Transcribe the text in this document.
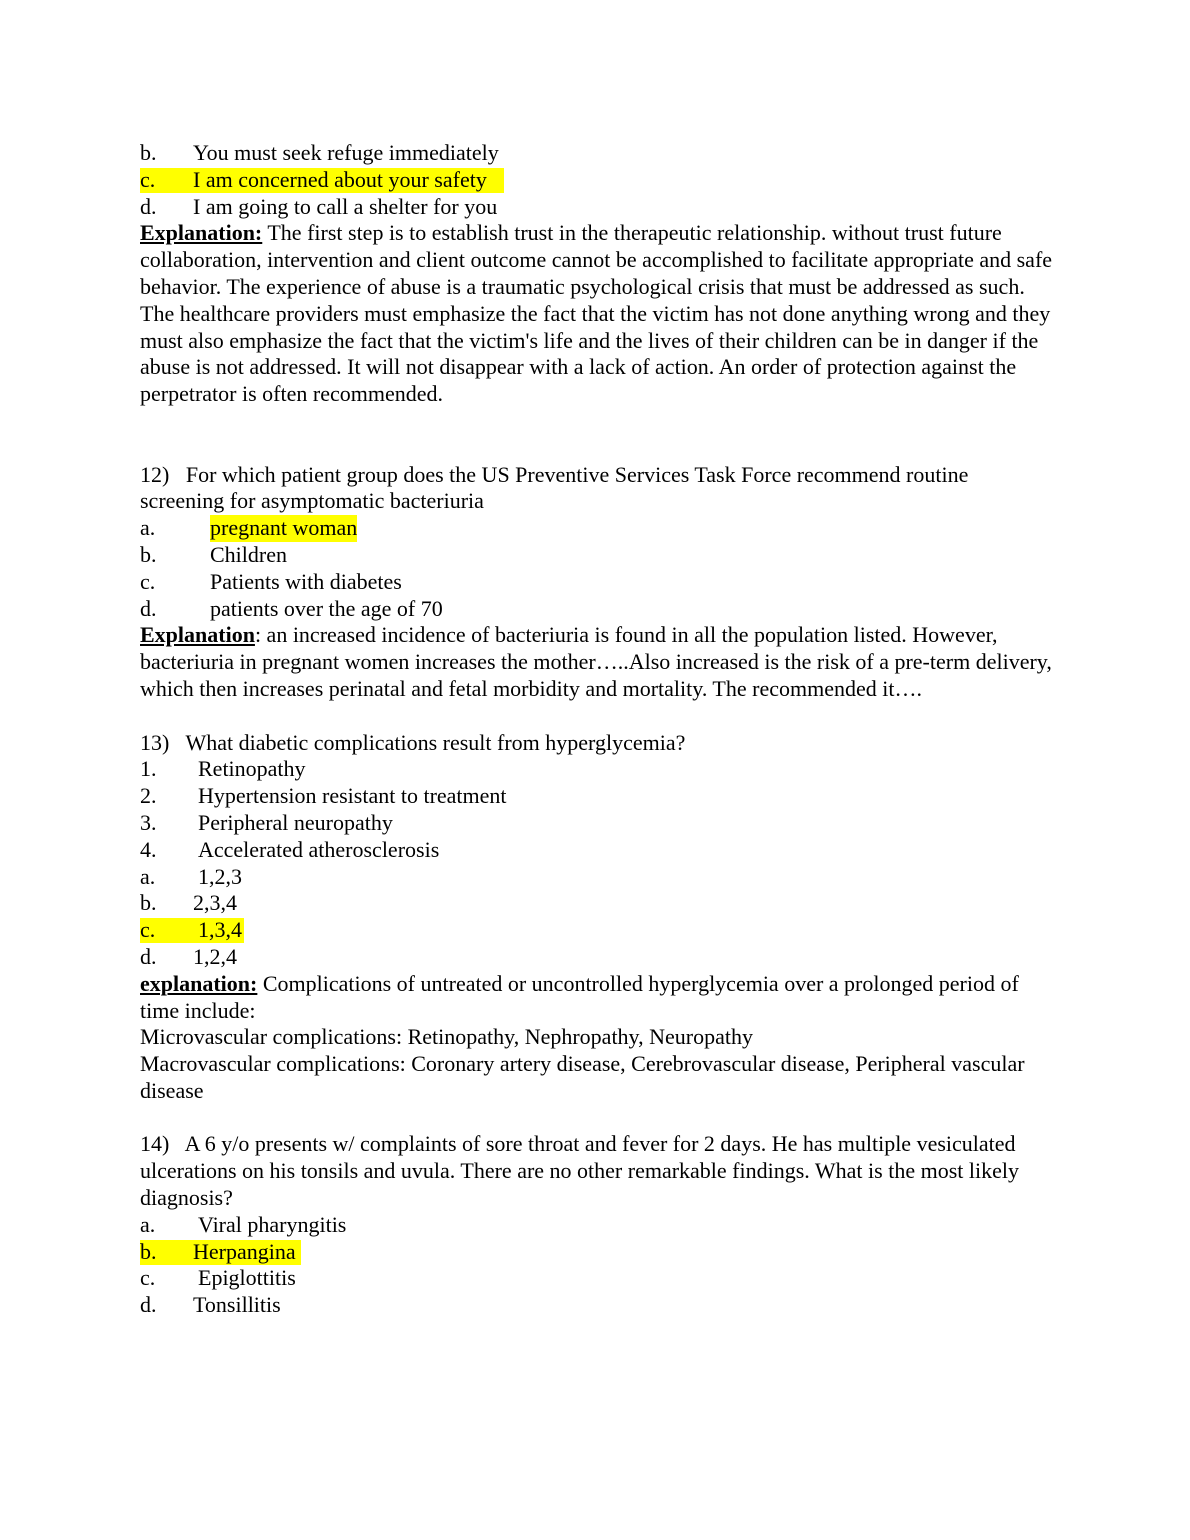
b. You must seek refuge immediately
c. I am concerned about your safety
d. I am going to call a shelter for you
Explanation: The first step is to establish trust in the therapeutic relationship. without trust future collaboration, intervention and client outcome cannot be accomplished to facilitate appropriate and safe behavior. The experience of abuse is a traumatic psychological crisis that must be addressed as such. The healthcare providers must emphasize the fact that the victim has not done anything wrong and they must also emphasize the fact that the victim's life and the lives of their children can be in danger if the abuse is not addressed. It will not disappear with a lack of action. An order of protection against the perpetrator is often recommended.
12) For which patient group does the US Preventive Services Task Force recommend routine screening for asymptomatic bacteriuria
a. pregnant woman
b. Children
c. Patients with diabetes
d. patients over the age of 70
Explanation: an increased incidence of bacteriuria is found in all the population listed. However, bacteriuria in pregnant women increases the mother…..Also increased is the risk of a pre-term delivery, which then increases perinatal and fetal morbidity and mortality. The recommended it….
13) What diabetic complications result from hyperglycemia?
1. Retinopathy
2. Hypertension resistant to treatment
3. Peripheral neuropathy
4. Accelerated atherosclerosis
a. 1,2,3
b. 2,3,4
c. 1,3,4
d. 1,2,4
explanation: Complications of untreated or uncontrolled hyperglycemia over a prolonged period of time include:
Microvascular complications: Retinopathy, Nephropathy, Neuropathy
Macrovascular complications: Coronary artery disease, Cerebrovascular disease, Peripheral vascular disease
14) A 6 y/o presents w/ complaints of sore throat and fever for 2 days. He has multiple vesiculated ulcerations on his tonsils and uvula. There are no other remarkable findings. What is the most likely diagnosis?
a. Viral pharyngitis
b. Herpangina
c. Epiglottitis
d. Tonsillitis
